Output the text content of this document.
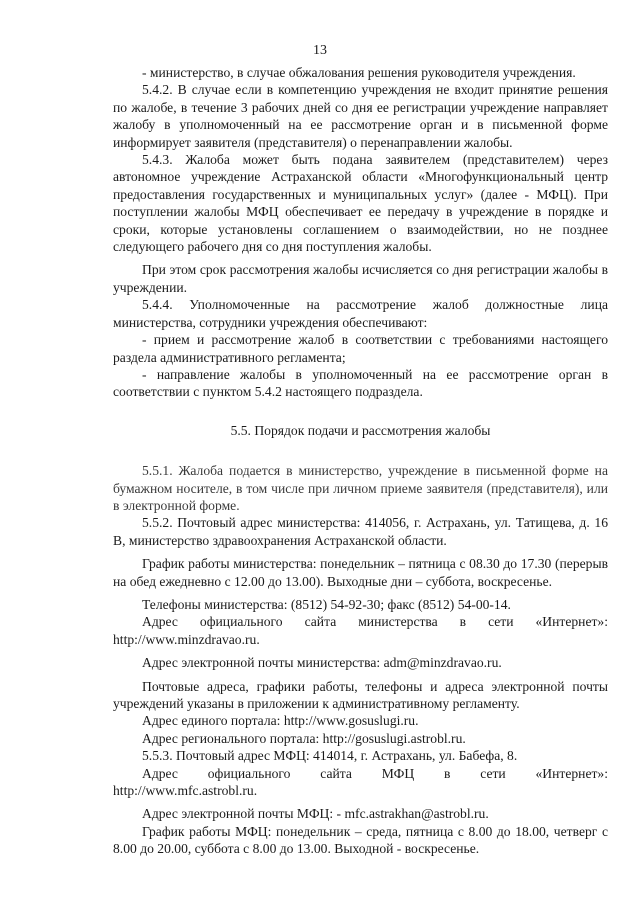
13

- министерство, в случае обжалования решения руководителя учреждения.

5.4.2. В случае если в компетенцию учреждения не входит принятие решения по жалобе, в течение 3 рабочих дней со дня ее регистрации учреждение направляет жалобу в уполномоченный на ее рассмотрение орган и в письменной форме информирует заявителя (представителя) о перенаправлении жалобы.

5.4.3. Жалоба может быть подана заявителем (представителем) через автономное учреждение Астраханской области «Многофункциональный центр предоставления государственных и муниципальных услуг» (далее - МФЦ). При поступлении жалобы МФЦ обеспечивает ее передачу в учреждение в порядке и сроки, которые установлены соглашением о взаимодействии, но не позднее следующего рабочего дня со дня поступления жалобы.

При этом срок рассмотрения жалобы исчисляется со дня регистрации жалобы в учреждении.

5.4.4. Уполномоченные на рассмотрение жалоб должностные лица министерства, сотрудники учреждения обеспечивают:

- прием и рассмотрение жалоб в соответствии с требованиями настоящего раздела административного регламента;

- направление жалобы в уполномоченный на ее рассмотрение орган в соответствии с пунктом 5.4.2 настоящего подраздела.

5.5. Порядок подачи и рассмотрения жалобы

5.5.1. Жалоба подается в министерство, учреждение в письменной форме на бумажном носителе, в том числе при личном приеме заявителя (представителя), или в электронной форме.

5.5.2. Почтовый адрес министерства: 414056, г. Астрахань, ул. Татищева, д. 16 В, министерство здравоохранения Астраханской области.

График работы министерства: понедельник – пятница с 08.30 до 17.30 (перерыв на обед ежедневно с 12.00 до 13.00). Выходные дни – суббота, воскресенье.

Телефоны министерства: (8512) 54-92-30; факс (8512) 54-00-14.

Адрес официального сайта министерства в сети «Интернет»:

http://www.minzdravao.ru.

Адрес электронной почты министерства: adm@minzdravao.ru.

Почтовые адреса, графики работы, телефоны и адреса электронной почты учреждений указаны в приложении к административному регламенту.

Адрес единого портала: http://www.gosuslugi.ru.

Адрес регионального портала: http://gosuslugi.astrobl.ru.

5.5.3. Почтовый адрес МФЦ: 414014, г. Астрахань, ул. Бабефа, 8.

Адрес официального сайта МФЦ в сети «Интернет»:

http://www.mfc.astrobl.ru.

Адрес электронной почты МФЦ: - mfc.astrakhan@astrobl.ru.

График работы МФЦ: понедельник – среда, пятница с 8.00 до 18.00, четверг с 8.00 до 20.00, суббота с 8.00 до 13.00. Выходной - воскресенье.
